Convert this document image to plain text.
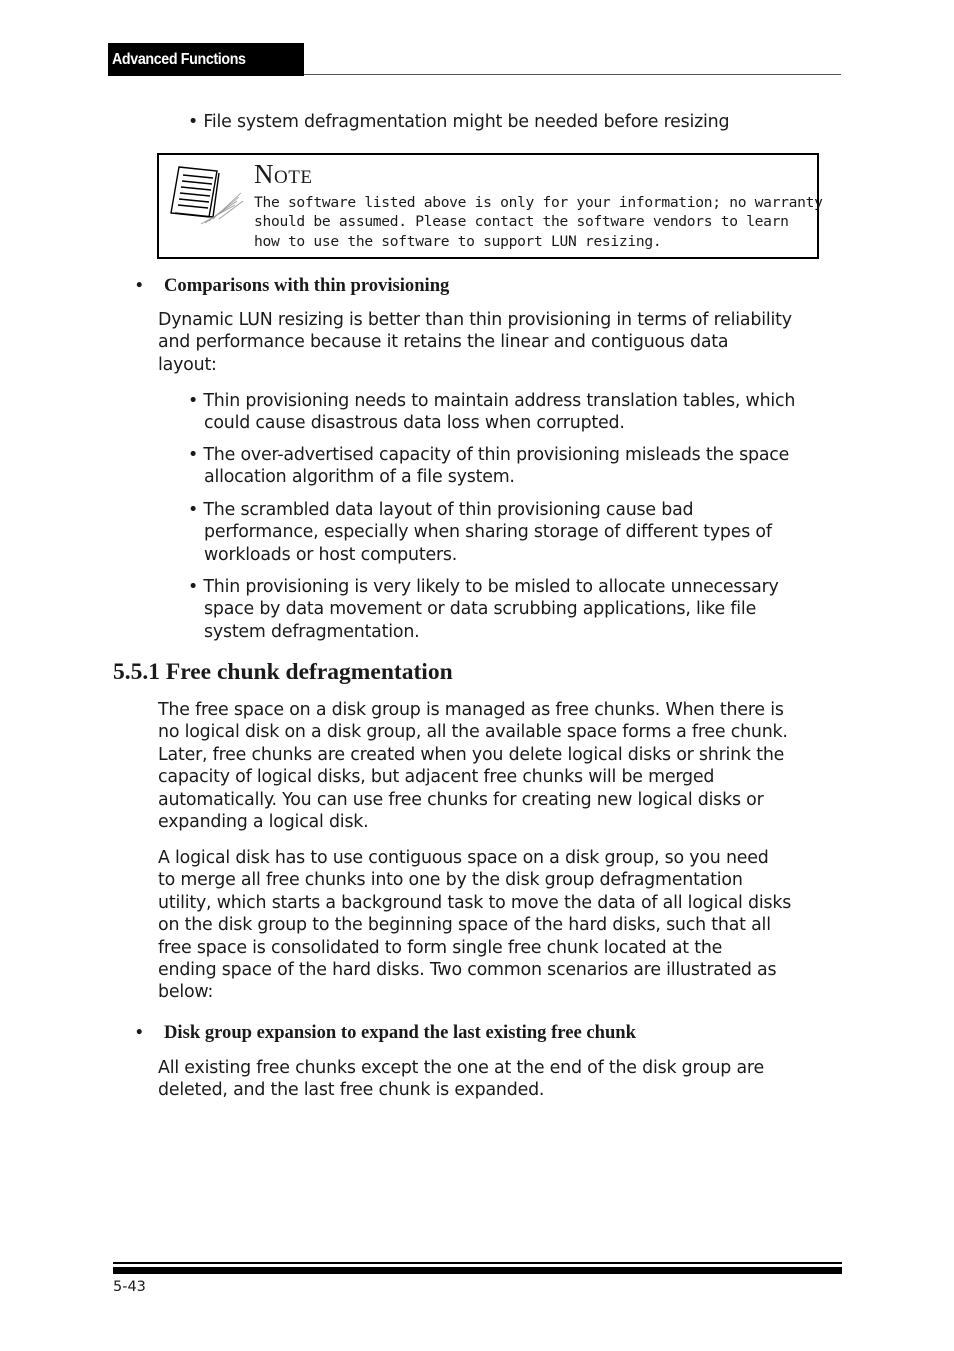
Advanced Functions
• File system defragmentation might be needed before resizing
Note
The software listed above is only for your information; no warranty
should be assumed. Please contact the software vendors to learn
how to use the software to support LUN resizing.
• Comparisons with thin provisioning
Dynamic LUN resizing is better than thin provisioning in terms of reliability
and performance because it retains the linear and contiguous data
layout:
• Thin provisioning needs to maintain address translation tables, which
could cause disastrous data loss when corrupted.
• The over-advertised capacity of thin provisioning misleads the space
allocation algorithm of a file system.
• The scrambled data layout of thin provisioning cause bad
performance, especially when sharing storage of different types of
workloads or host computers.
• Thin provisioning is very likely to be misled to allocate unnecessary
space by data movement or data scrubbing applications, like file
system defragmentation.
5.5.1 Free chunk defragmentation
The free space on a disk group is managed as free chunks. When there is
no logical disk on a disk group, all the available space forms a free chunk.
Later, free chunks are created when you delete logical disks or shrink the
capacity of logical disks, but adjacent free chunks will be merged
automatically. You can use free chunks for creating new logical disks or
expanding a logical disk.
A logical disk has to use contiguous space on a disk group, so you need
to merge all free chunks into one by the disk group defragmentation
utility, which starts a background task to move the data of all logical disks
on the disk group to the beginning space of the hard disks, such that all
free space is consolidated to form single free chunk located at the
ending space of the hard disks. Two common scenarios are illustrated as
below:
• Disk group expansion to expand the last existing free chunk
All existing free chunks except the one at the end of the disk group are
deleted, and the last free chunk is expanded.
5-43
